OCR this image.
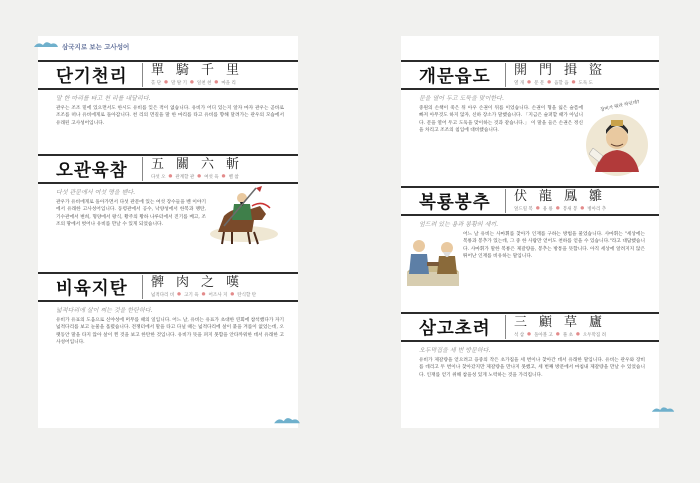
삼국지로 보는 고사성어
단기천리	單 騎 千 里
홑 단 ● 말 탈 기 ● 일천 천 ● 마을 리
말 한 마리를 타고 천 리를 내달리다.
관우는 조조 밑에 있으면서도 한시도 유비를 잊은 적이 없습니다. 유비가 어디 있는지 알자 마자 관우는 곧바로 조조를 떠나 유비에게로 돌아갑니다. 천 리의 먼길을 말 한 마리를 타고 유비를 향해 달려가는 관우의 모습에서 유래된 고사성어입니다.
오관육참	五 關 六 斬
다섯 오 ● 관계할 관 ● 여섯 육 ● 벨 참
다섯 관문에서 여섯 명을 벤다.
관우가 유비에게로 돌아가면서 다섯 관문에 있는 여섯 장수들을 벤 이야기에서 유래한 고사성어입니다. 동령관에서 공수, 낙양성에서 한복과 맹탄, 기수관에서 변희, 형양에서 왕식, 황주의 황하 나루터에서 진기를 베고, 조조의 땅에서 벗어나 유비를 만날 수 있게 되었습니다.
비육지탄	髀 肉 之 嘆
넓적다리 비 ● 고기 육 ● 어조사 지 ● 탄식할 탄
넓적다리에 살이 찌는 것을 한탄하다.
유비가 유표의 도움으로 신야성에 머무를 때의 일입니다. 어느 날, 유비는 유표가 초대한 연회에 참석했다가 자기 넓적다리를 보고 눈물을 흘렸습니다. 전쟁터에서 말을 타고 다닐 때는 넓적다리에 살이 붙을 겨를이 없었는데, 오랫동안 말을 타지 않아 살이 찐 것을 보고 한탄한 것입니다. 유비가 뜻을 펴지 못함을 안타까워한 데서 유래한 고사성어입니다.
개문읍도	開 門 揖 盜
열 개 ● 문 문 ● 읍할 읍 ● 도둑 도
문을 열어 두고 도둑을 맞이한다.
중원의 손책이 죽은 뒤 아우 손권이 뒤를 이었습니다. 손권이 형을 잃은 슬픔에 빠져 아무것도 하지 않자, 신하 장소가 말했습니다. 「지금은 슬퍼할 때가 아닙니다. 문을 열어 두고 도둑을 맞이하는 것과 같습니다.」 이 말을 들은 손권은 정신을 차리고 조조의 침입에 대비했습니다.
장비가 뭐라 하던데?
복룡봉추	伏 龍 鳳 雛
엎드릴 복 ● 용 룡 ● 봉새 봉 ● 병아리 추
엎드려 있는 용과 봉황의 새끼.
어느 날 유비는 사마휘를 찾아가 인재를 구하는 방법을 물었습니다. 사마휘는 "세상에는 복룡과 봉추가 있는데, 그 중 한 사람만 얻어도 천하를 얻을 수 있습니다."라고 대답했습니다. 사마휘가 말한 복룡은 제갈량을, 봉추는 방통을 뜻합니다. 아직 세상에 알려지지 않은 뛰어난 인재를 비유하는 말입니다.
삼고초려	三 顧 草 廬
석 삼 ● 돌아볼 고 ● 풀 초 ● 오두막집 려
오두막집을 세 번 방문하다.
유비가 제갈량을 얻으려고 융중의 작은 초가집을 세 번이나 찾아간 데서 유래한 말입니다. 유비는 관우와 장비를 데리고 두 번이나 찾아갔지만 제갈량을 만나지 못했고, 세 번째 방문에서 마침내 제갈량을 만날 수 있었습니다. 인재를 얻기 위해 참을성 있게 노력하는 것을 가리킵니다.
